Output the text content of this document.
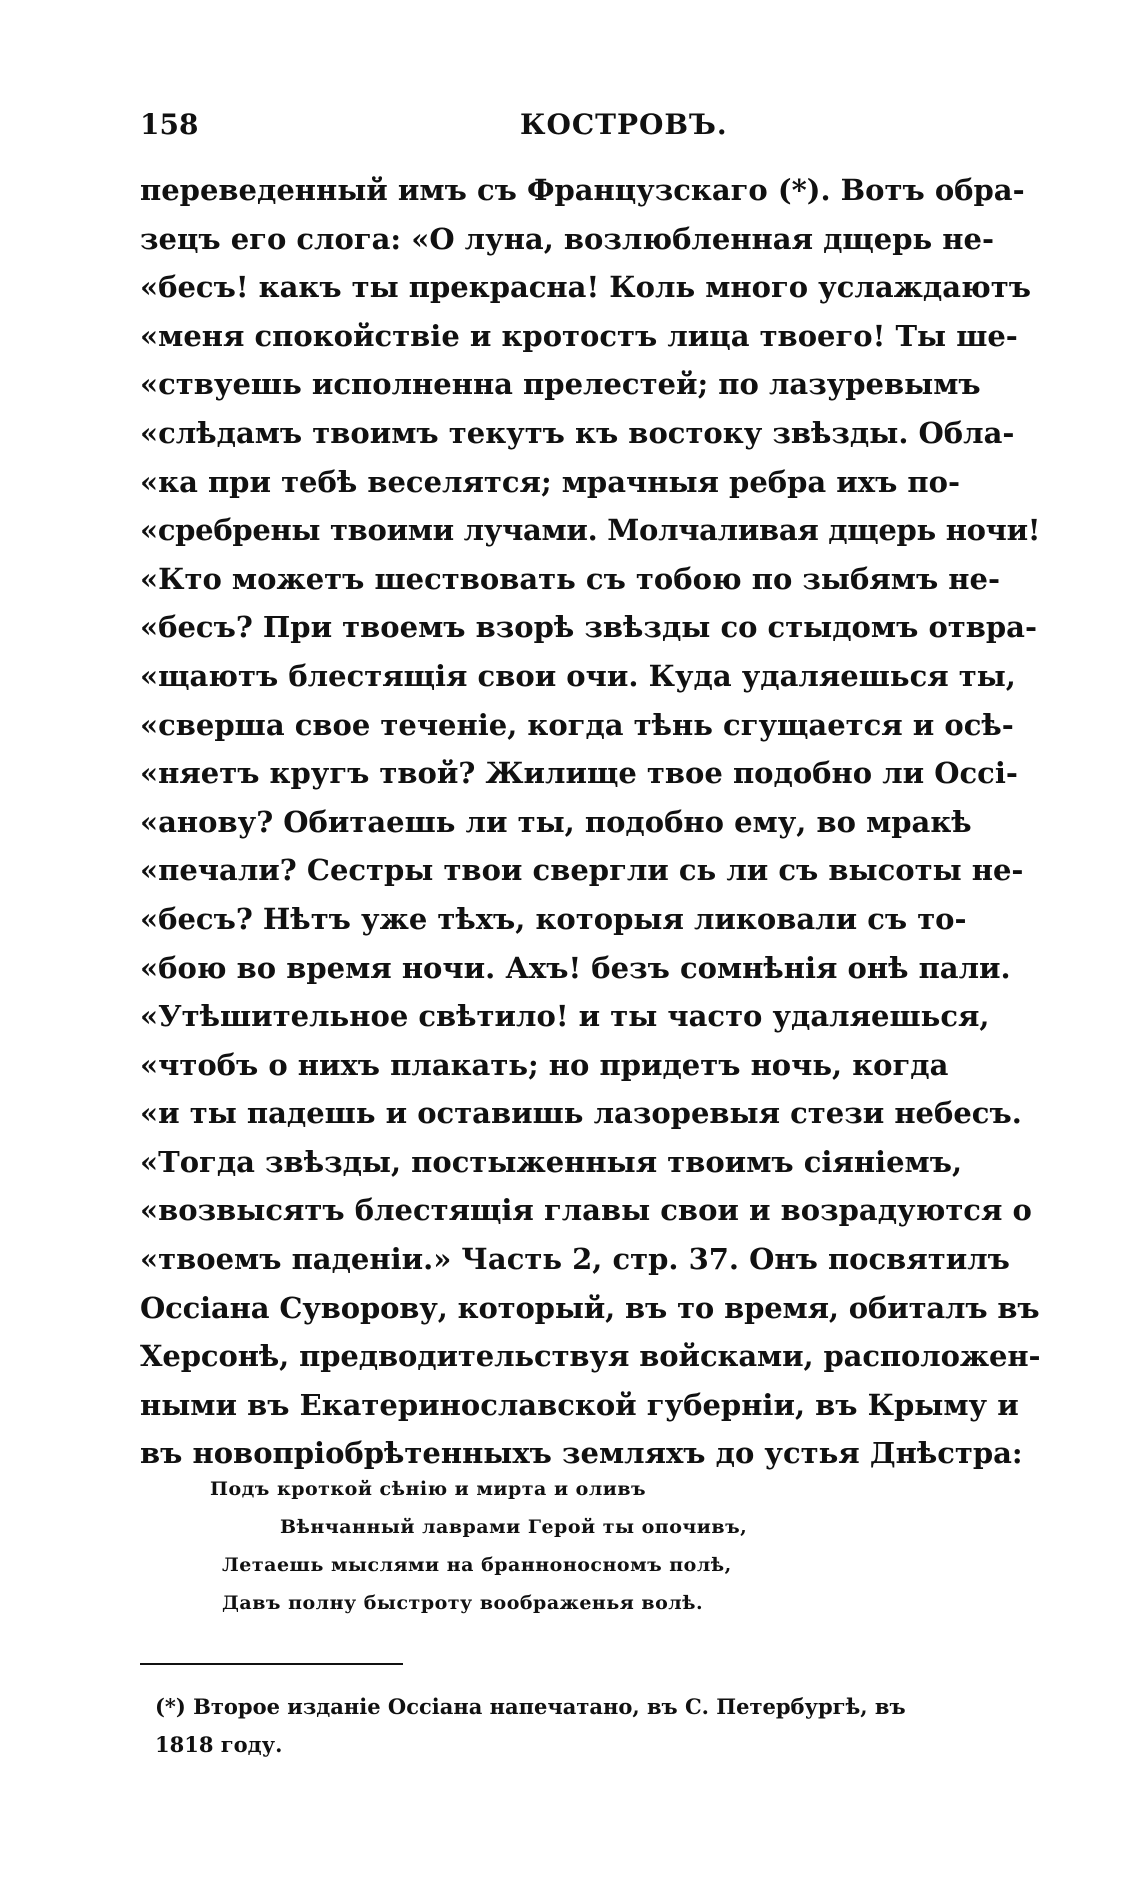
158	КОСТРОВЪ.
переведенный имъ съ Французскаго (*). Вотъ обра-
зецъ его слога: «О луна, возлюбленная дщерь не-
«бесъ! какъ ты прекрасна! Коль много услаждаютъ
«меня спокойствіе и кротостъ лица твоего! Ты ше-
«ствуешь исполненна прелестей; по лазуревымъ
«слѣдамъ твоимъ текутъ къ востоку звѣзды. Обла-
«ка при тебѣ веселятся; мрачныя ребра ихъ по-
«сребрены твоими лучами. Молчаливая дщерь ночи!
«Кто можетъ шествовать съ тобою по зыбямъ не-
«бесъ? При твоемъ взорѣ звѣзды со стыдомъ отвра-
«щаютъ блестящія свои очи. Куда удаляешься ты,
«сверша свое теченіе, когда тѣнь сгущается и осѣ-
«няетъ кругъ твой? Жилище твое подобно ли Оссі-
«анову? Обитаешь ли ты, подобно ему, во мракѣ
«печали? Сестры твои свергли сь ли съ высоты не-
«бесъ? Нѣтъ уже тѣхъ, которыя ликовали съ то-
«бою во время ночи. Ахъ! безъ сомнѣнія онѣ пали.
«Утѣшительное свѣтило! и ты часто удаляешься,
«чтобъ о нихъ плакать; но придетъ ночь, когда
«и ты падешь и оставишь лазоревыя стези небесъ.
«Тогда звѣзды, постыженныя твоимъ сіяніемъ,
«возвысятъ блестящія главы свои и возрадуются о
«твоемъ паденіи.» Часть 2, стр. 37. Онъ посвятилъ
Оссіана Суворову, который, въ то время, обиталъ въ
Херсонѣ, предводительствуя войсками, расположен-
ными въ Екатеринославской губерніи, въ Крыму и
въ новопріобрѣтенныхъ земляхъ до устья Днѣстра:
Подъ кроткой сѣнію и мирта и оливъ
Вѣнчанный лаврами Герой ты опочивъ,
Летаешь мыслями на бранноносномъ полѣ,
Давъ полну быстроту воображенья волѣ.
(*) Второе изданіе Оссіана напечатано, въ С. Петербургѣ, въ
1818 году.
